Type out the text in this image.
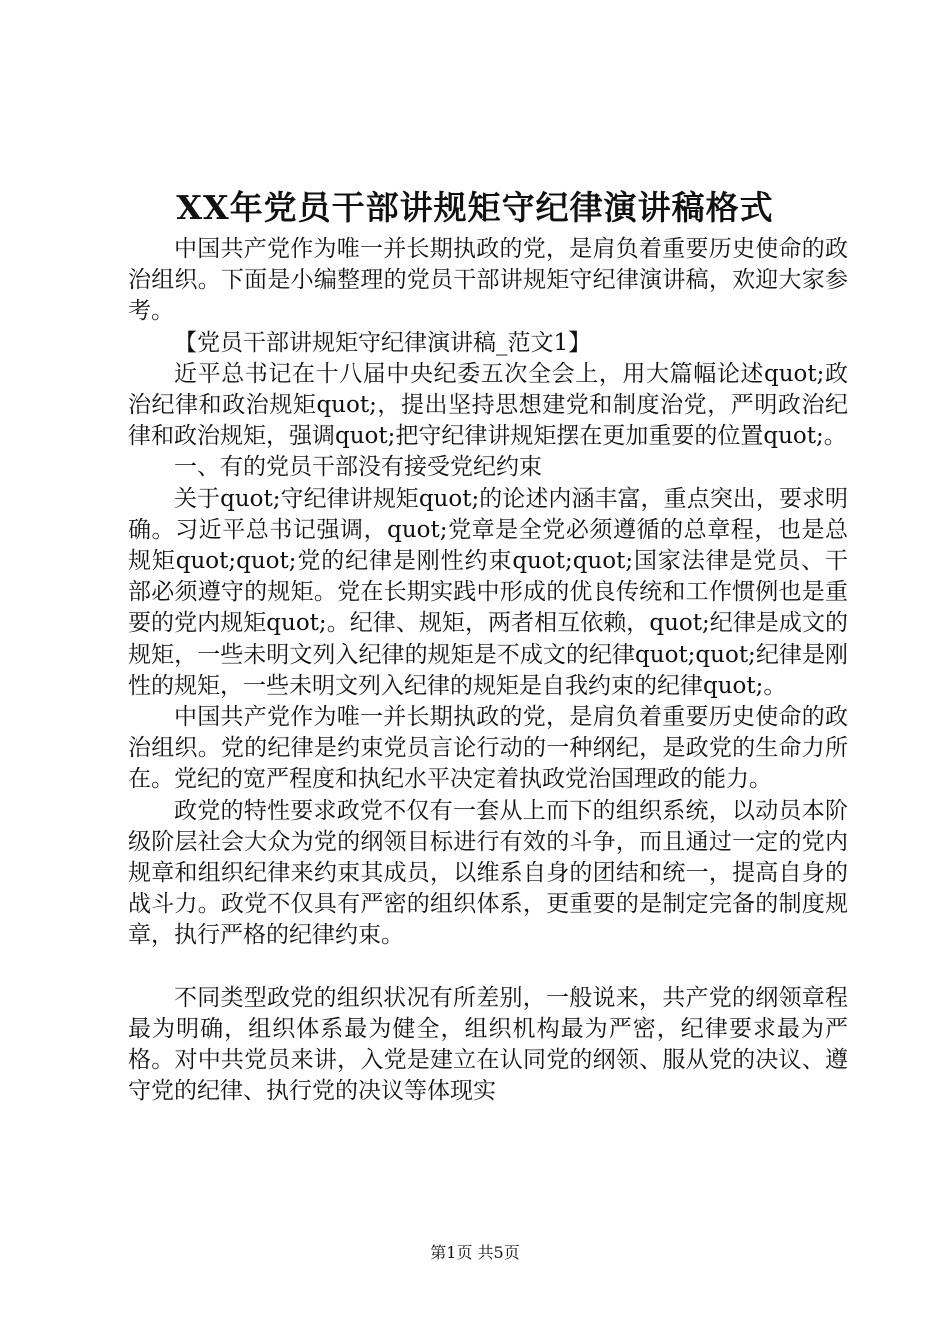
XX年党员干部讲规矩守纪律演讲稿格式

中国共产党作为唯一并长期执政的党，是肩负着重要历史使命的政治组织。下面是小编整理的党员干部讲规矩守纪律演讲稿，欢迎大家参考。

【党员干部讲规矩守纪律演讲稿_范文1】

近平总书记在十八届中央纪委五次全会上，用大篇幅论述quot;政治纪律和政治规矩quot;，提出坚持思想建党和制度治党，严明政治纪律和政治规矩，强调quot;把守纪律讲规矩摆在更加重要的位置quot;。

一、有的党员干部没有接受党纪约束

关于quot;守纪律讲规矩quot;的论述内涵丰富，重点突出，要求明确。习近平总书记强调，quot;党章是全党必须遵循的总章程，也是总规矩quot;quot;党的纪律是刚性约束quot;quot;国家法律是党员、干部必须遵守的规矩。党在长期实践中形成的优良传统和工作惯例也是重要的党内规矩quot;。纪律、规矩，两者相互依赖，quot;纪律是成文的规矩，一些未明文列入纪律的规矩是不成文的纪律quot;quot;纪律是刚性的规矩，一些未明文列入纪律的规矩是自我约束的纪律quot;。

中国共产党作为唯一并长期执政的党，是肩负着重要历史使命的政治组织。党的纪律是约束党员言论行动的一种纲纪，是政党的生命力所在。党纪的宽严程度和执纪水平决定着执政党治国理政的能力。

政党的特性要求政党不仅有一套从上而下的组织系统，以动员本阶级阶层社会大众为党的纲领目标进行有效的斗争，而且通过一定的党内规章和组织纪律来约束其成员，以维系自身的团结和统一，提高自身的战斗力。政党不仅具有严密的组织体系，更重要的是制定完备的制度规章，执行严格的纪律约束。

不同类型政党的组织状况有所差别，一般说来，共产党的纲领章程最为明确，组织体系最为健全，组织机构最为严密，纪律要求最为严格。对中共党员来讲，入党是建立在认同党的纲领、服从党的决议、遵守党的纪律、执行党的决议等体现实

第1页 共5页
